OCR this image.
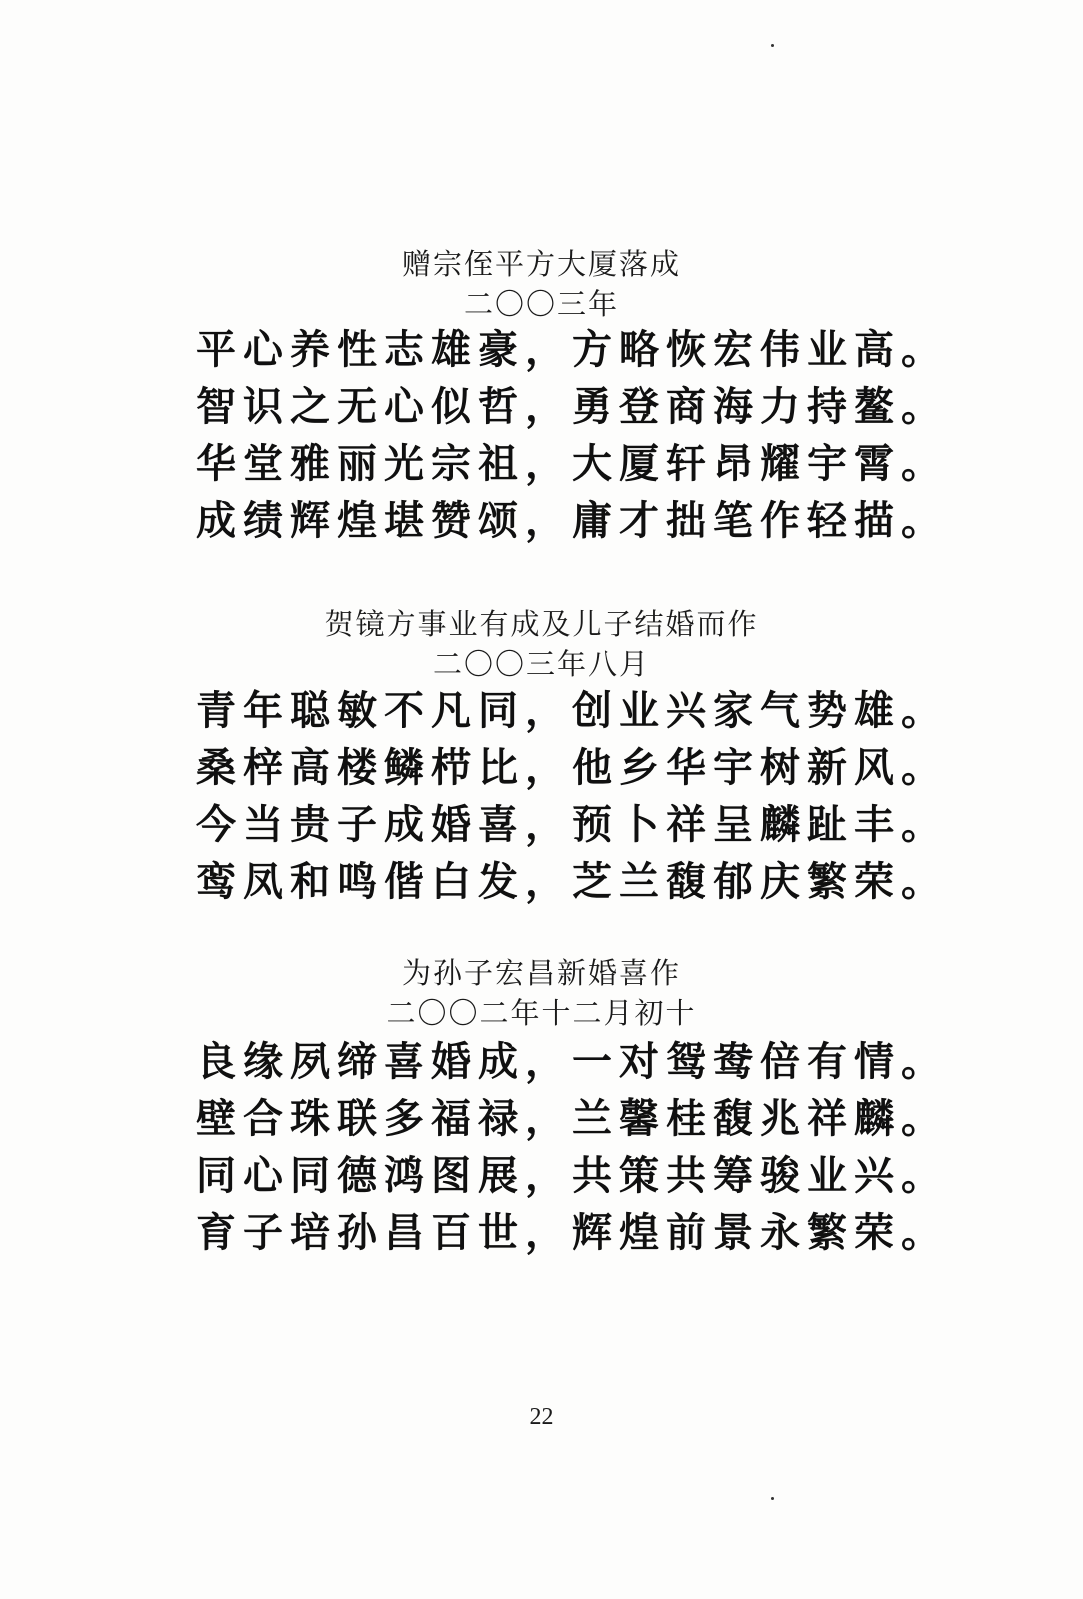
赠宗侄平方大厦落成
二〇〇三年
平心养性志雄豪，方略恢宏伟业高。
智识之无心似哲，勇登商海力持鳌。
华堂雅丽光宗祖，大厦轩昂耀宇霄。
成绩辉煌堪赞颂，庸才拙笔作轻描。
贺镜方事业有成及儿子结婚而作
二〇〇三年八月
青年聪敏不凡同，创业兴家气势雄。
桑梓高楼鳞栉比，他乡华宇树新风。
今当贵子成婚喜，预卜祥呈麟趾丰。
鸾凤和鸣偕白发，芝兰馥郁庆繁荣。
为孙子宏昌新婚喜作
二〇〇二年十二月初十
良缘夙缔喜婚成，一对鸳鸯倍有情。
壁合珠联多福禄，兰馨桂馥兆祥麟。
同心同德鸿图展，共策共筹骏业兴。
育子培孙昌百世，辉煌前景永繁荣。
22
